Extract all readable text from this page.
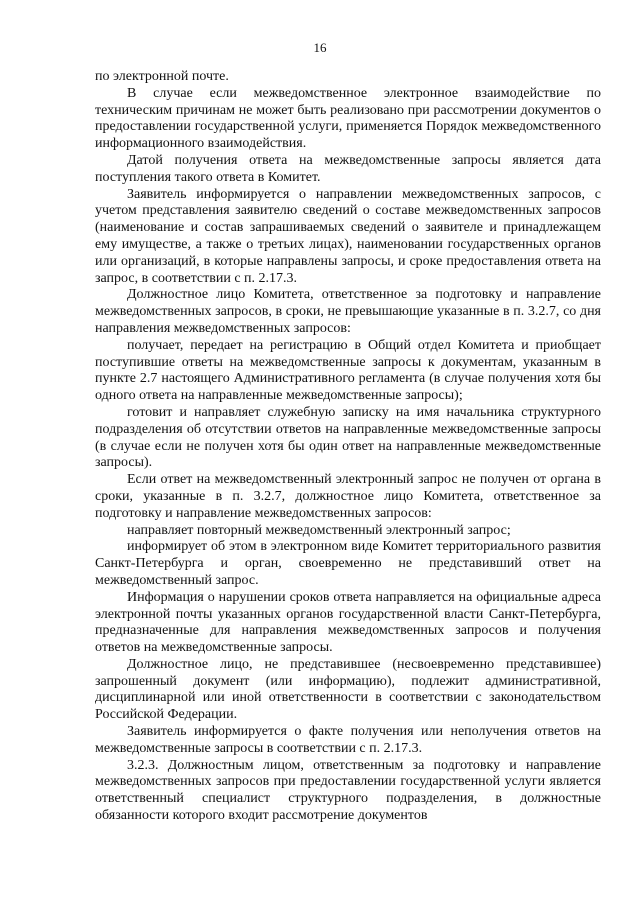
16

по электронной почте.

В случае если межведомственное электронное взаимодействие по техническим причинам не может быть реализовано при рассмотрении документов о предоставлении государственной услуги, применяется Порядок межведомственного информационного взаимодействия.

Датой получения ответа на межведомственные запросы является дата поступления такого ответа в Комитет.

Заявитель информируется о направлении межведомственных запросов, с учетом представления заявителю сведений о составе межведомственных запросов (наименование и состав запрашиваемых сведений о заявителе и принадлежащем ему имуществе, а также о третьих лицах), наименовании государственных органов или организаций, в которые направлены запросы, и сроке предоставления ответа на запрос, в соответствии с п. 2.17.3.

Должностное лицо Комитета, ответственное за подготовку и направление межведомственных запросов, в сроки, не превышающие указанные в п. 3.2.7, со дня направления межведомственных запросов:

получает, передает на регистрацию в Общий отдел Комитета и приобщает поступившие ответы на межведомственные запросы к документам, указанным в пункте 2.7 настоящего Административного регламента (в случае получения хотя бы одного ответа на направленные межведомственные запросы);

готовит и направляет служебную записку на имя начальника структурного подразделения об отсутствии ответов на направленные межведомственные запросы (в случае если не получен хотя бы один ответ на направленные межведомственные запросы).

Если ответ на межведомственный электронный запрос не получен от органа в сроки, указанные в п. 3.2.7, должностное лицо Комитета, ответственное за подготовку и направление межведомственных запросов:

направляет повторный межведомственный электронный запрос;

информирует об этом в электронном виде Комитет территориального развития Санкт-Петербурга и орган, своевременно не представивший ответ на межведомственный запрос.

Информация о нарушении сроков ответа направляется на официальные адреса электронной почты указанных органов государственной власти Санкт-Петербурга, предназначенные для направления межведомственных запросов и получения ответов на межведомственные запросы.

Должностное лицо, не представившее (несвоевременно представившее) запрошенный документ (или информацию), подлежит административной, дисциплинарной или иной ответственности в соответствии с законодательством Российской Федерации.

Заявитель информируется о факте получения или неполучения ответов на межведомственные запросы в соответствии с п. 2.17.3.

3.2.3. Должностным лицом, ответственным за подготовку и направление межведомственных запросов при предоставлении государственной услуги является ответственный специалист структурного подразделения, в должностные обязанности которого входит рассмотрение документов
